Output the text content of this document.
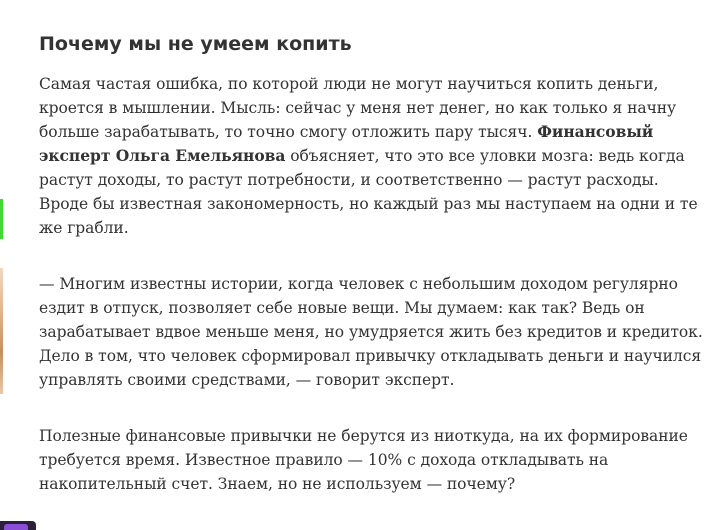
Почему мы не умеем копить

Самая частая ошибка, по которой люди не могут научиться копить деньги, кроется в мышлении. Мысль: сейчас у меня нет денег, но как только я начну больше зарабатывать, то точно смогу отложить пару тысяч. Финансовый эксперт Ольга Емельянова объясняет, что это все уловки мозга: ведь когда растут доходы, то растут потребности, и соответственно — растут расходы. Вроде бы известная закономерность, но каждый раз мы наступаем на одни и те же грабли.

— Многим известны истории, когда человек с небольшим доходом регулярно ездит в отпуск, позволяет себе новые вещи. Мы думаем: как так? Ведь он зарабатывает вдвое меньше меня, но умудряется жить без кредитов и кредиток. Дело в том, что человек сформировал привычку откладывать деньги и научился управлять своими средствами, — говорит эксперт.

Полезные финансовые привычки не берутся из ниоткуда, на их формирование требуется время. Известное правило — 10% с дохода откладывать на накопительный счет. Знаем, но не используем — почему?
